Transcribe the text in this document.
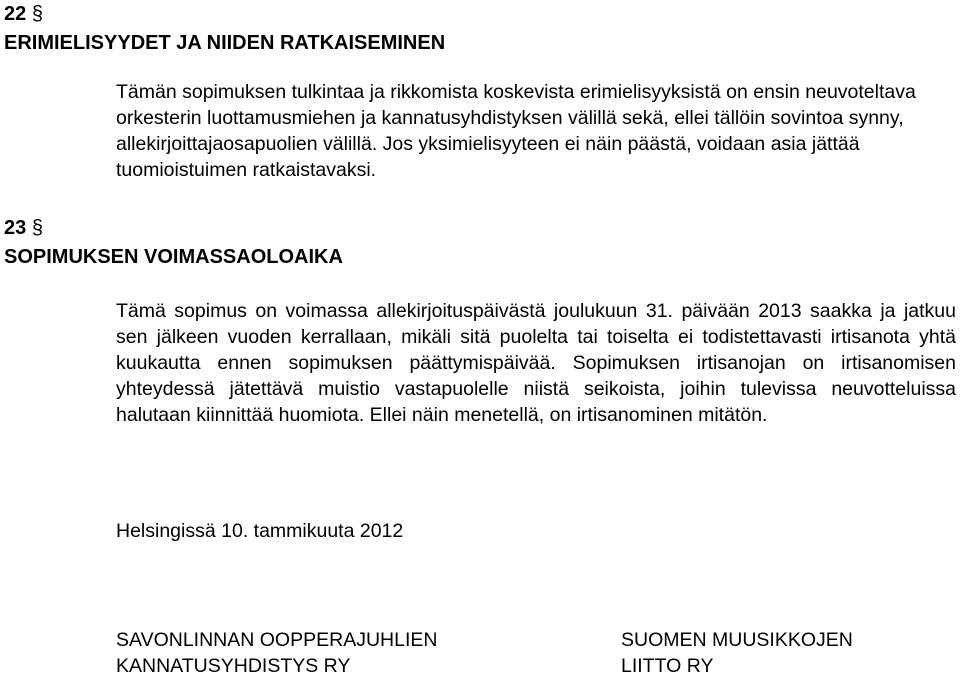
22 §
ERIMIELISYYDET JA NIIDEN RATKAISEMINEN
Tämän sopimuksen tulkintaa ja rikkomista koskevista erimielisyyksistä on ensin neuvoteltava orkesterin luottamusmiehen ja kannatusyhdistyksen välillä sekä, ellei tällöin sovintoa synny, allekirjoittajaosapuolien välillä. Jos yksimielisyyteen ei näin päästä, voidaan asia jättää tuomioistuimen ratkaistavaksi.
23 §
SOPIMUKSEN VOIMASSAOLOAIKA
Tämä sopimus on voimassa allekirjoituspäivästä joulukuun 31. päivään 2013 saakka ja jatkuu sen jälkeen vuoden kerrallaan, mikäli sitä puolelta tai toiselta ei todistettavasti irtisanota yhtä kuukautta ennen sopimuksen päättymispäivää. Sopimuksen irtisanojan on irtisanomisen yhteydessä jätettävä muistio vastapuolelle niistä seikoista, joihin tulevissa neuvotteluissa halutaan kiinnittää huomiota. Ellei näin menetellä, on irtisanominen mitätön.
Helsingissä 10. tammikuuta 2012
SAVONLINNAN OOPPERAJUHLIEN
KANNATUSYHDISTYS RY
SUOMEN MUUSIKKOJEN
LIITTO RY
